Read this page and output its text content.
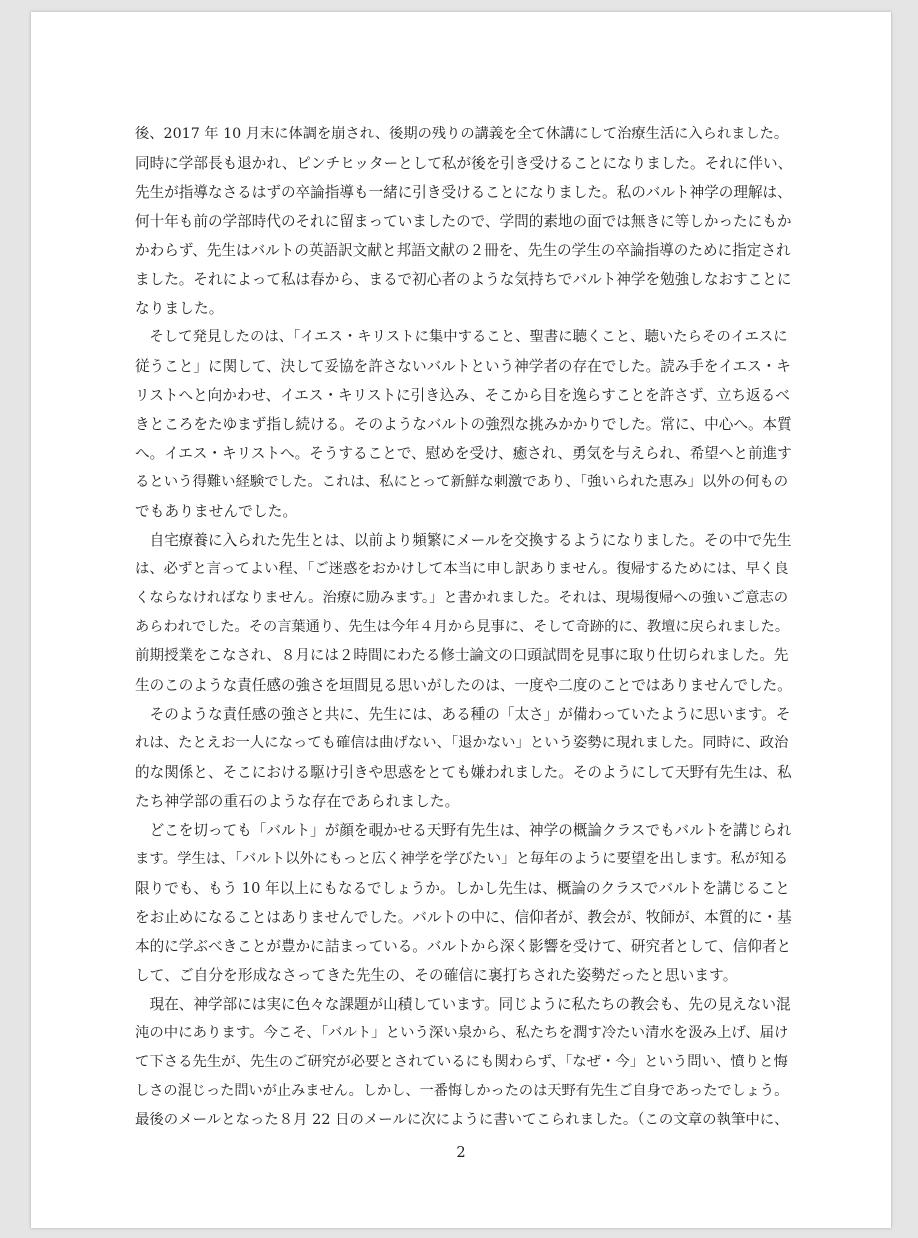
後、2017 年 10 月末に体調を崩され、後期の残りの講義を全て休講にして治療生活に入られました。
同時に学部長も退かれ、ピンチヒッターとして私が後を引き受けることになりました。それに伴い、
先生が指導なさるはずの卒論指導も一緒に引き受けることになりました。私のバルト神学の理解は、
何十年も前の学部時代のそれに留まっていましたので、学問的素地の面では無きに等しかったにもか
かわらず、先生はバルトの英語訳文献と邦語文献の２冊を、先生の学生の卒論指導のために指定され
ました。それによって私は春から、まるで初心者のような気持ちでバルト神学を勉強しなおすことに
なりました。
　そして発見したのは、「イエス・キリストに集中すること、聖書に聴くこと、聴いたらそのイエスに
従うこと」に関して、決して妥協を許さないバルトという神学者の存在でした。読み手をイエス・キ
リストへと向かわせ、イエス・キリストに引き込み、そこから目を逸らすことを許さず、立ち返るべ
きところをたゆまず指し続ける。そのようなバルトの強烈な挑みかかりでした。常に、中心へ。本質
へ。イエス・キリストへ。そうすることで、慰めを受け、癒され、勇気を与えられ、希望へと前進す
るという得難い経験でした。これは、私にとって新鮮な刺激であり、「強いられた恵み」以外の何もの
でもありませんでした。
　自宅療養に入られた先生とは、以前より頻繁にメールを交換するようになりました。その中で先生
は、必ずと言ってよい程、「ご迷惑をおかけして本当に申し訳ありません。復帰するためには、早く良
くならなければなりません。治療に励みます。」と書かれました。それは、現場復帰への強いご意志の
あらわれでした。その言葉通り、先生は今年４月から見事に、そして奇跡的に、教壇に戻られました。
前期授業をこなされ、８月には２時間にわたる修士論文の口頭試問を見事に取り仕切られました。先
生のこのような責任感の強さを垣間見る思いがしたのは、一度や二度のことではありませんでした。
　そのような責任感の強さと共に、先生には、ある種の「太さ」が備わっていたように思います。そ
れは、たとえお一人になっても確信は曲げない、「退かない」という姿勢に現れました。同時に、政治
的な関係と、そこにおける駆け引きや思惑をとても嫌われました。そのようにして天野有先生は、私
たち神学部の重石のような存在であられました。
　どこを切っても「バルト」が顔を覗かせる天野有先生は、神学の概論クラスでもバルトを講じられ
ます。学生は、「バルト以外にもっと広く神学を学びたい」と毎年のように要望を出します。私が知る
限りでも、もう 10 年以上にもなるでしょうか。しかし先生は、概論のクラスでバルトを講じること
をお止めになることはありませんでした。バルトの中に、信仰者が、教会が、牧師が、本質的に・基
本的に学ぶべきことが豊かに詰まっている。バルトから深く影響を受けて、研究者として、信仰者と
して、ご自分を形成なさってきた先生の、その確信に裏打ちされた姿勢だったと思います。
　現在、神学部には実に色々な課題が山積しています。同じように私たちの教会も、先の見えない混
沌の中にあります。今こそ、「バルト」という深い泉から、私たちを潤す冷たい清水を汲み上げ、届け
て下さる先生が、先生のご研究が必要とされているにも関わらず、「なぜ・今」という問い、憤りと悔
しさの混じった問いが止みません。しかし、一番悔しかったのは天野有先生ご自身であったでしょう。
最後のメールとなった８月 22 日のメールに次にように書いてこられました。（この文章の執筆中に、
2
